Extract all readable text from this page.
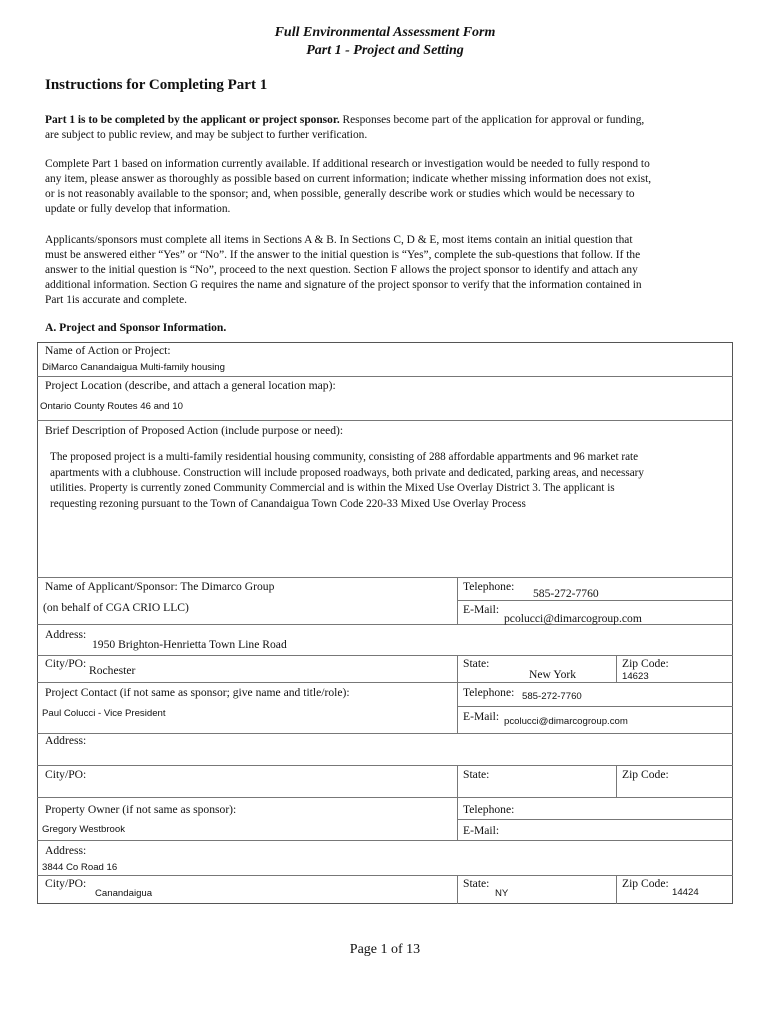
Full Environmental Assessment Form
Part 1 - Project and Setting
Instructions for Completing Part 1
Part 1 is to be completed by the applicant or project sponsor. Responses become part of the application for approval or funding,
are subject to public review, and may be subject to further verification.
Complete Part 1 based on information currently available. If additional research or investigation would be needed to fully respond to
any item, please answer as thoroughly as possible based on current information; indicate whether missing information does not exist,
or is not reasonably available to the sponsor; and, when possible, generally describe work or studies which would be necessary to
update or fully develop that information.
Applicants/sponsors must complete all items in Sections A & B. In Sections C, D & E, most items contain an initial question that
must be answered either “Yes” or “No”. If the answer to the initial question is “Yes”, complete the sub-questions that follow. If the
answer to the initial question is “No”, proceed to the next question. Section F allows the project sponsor to identify and attach any
additional information. Section G requires the name and signature of the project sponsor to verify that the information contained in
Part 1is accurate and complete.
A. Project and Sponsor Information.
Name of Action or Project:
DiMarco Canandaigua Multi-family housing
Project Location (describe, and attach a general location map):
Ontario County Routes 46 and 10
Brief Description of Proposed Action (include purpose or need):
The proposed project is a multi-family residential housing community, consisting of 288 affordable appartments and 96 market rate
apartments with a clubhouse. Construction will include proposed roadways, both private and dedicated, parking areas, and necessary
utilities. Property is currently zoned Community Commercial and is within the Mixed Use Overlay District 3. The applicant is
requesting rezoning pursuant to the Town of Canandaigua Town Code 220-33 Mixed Use Overlay Process
Name of Applicant/Sponsor: The Dimarco Group
(on behalf of CGA CRIO LLC)
Telephone:
585-272-7760
E-Mail:
pcolucci@dimarcogroup.com
Address:
1950 Brighton-Henrietta Town Line Road
City/PO:
Rochester
State:
New York
Zip Code:
14623
Project Contact (if not same as sponsor; give name and title/role):
Paul Colucci - Vice President
Telephone: 585-272-7760
E-Mail: pcolucci@dimarcogroup.com
Address:
City/PO:	State:	Zip Code:
Property Owner (if not same as sponsor):
Gregory Westbrook
Telephone:
E-Mail:
Address:
3844 Co Road 16
City/PO:
Canandaigua
State:
NY
Zip Code:
14424
Page 1 of 13
